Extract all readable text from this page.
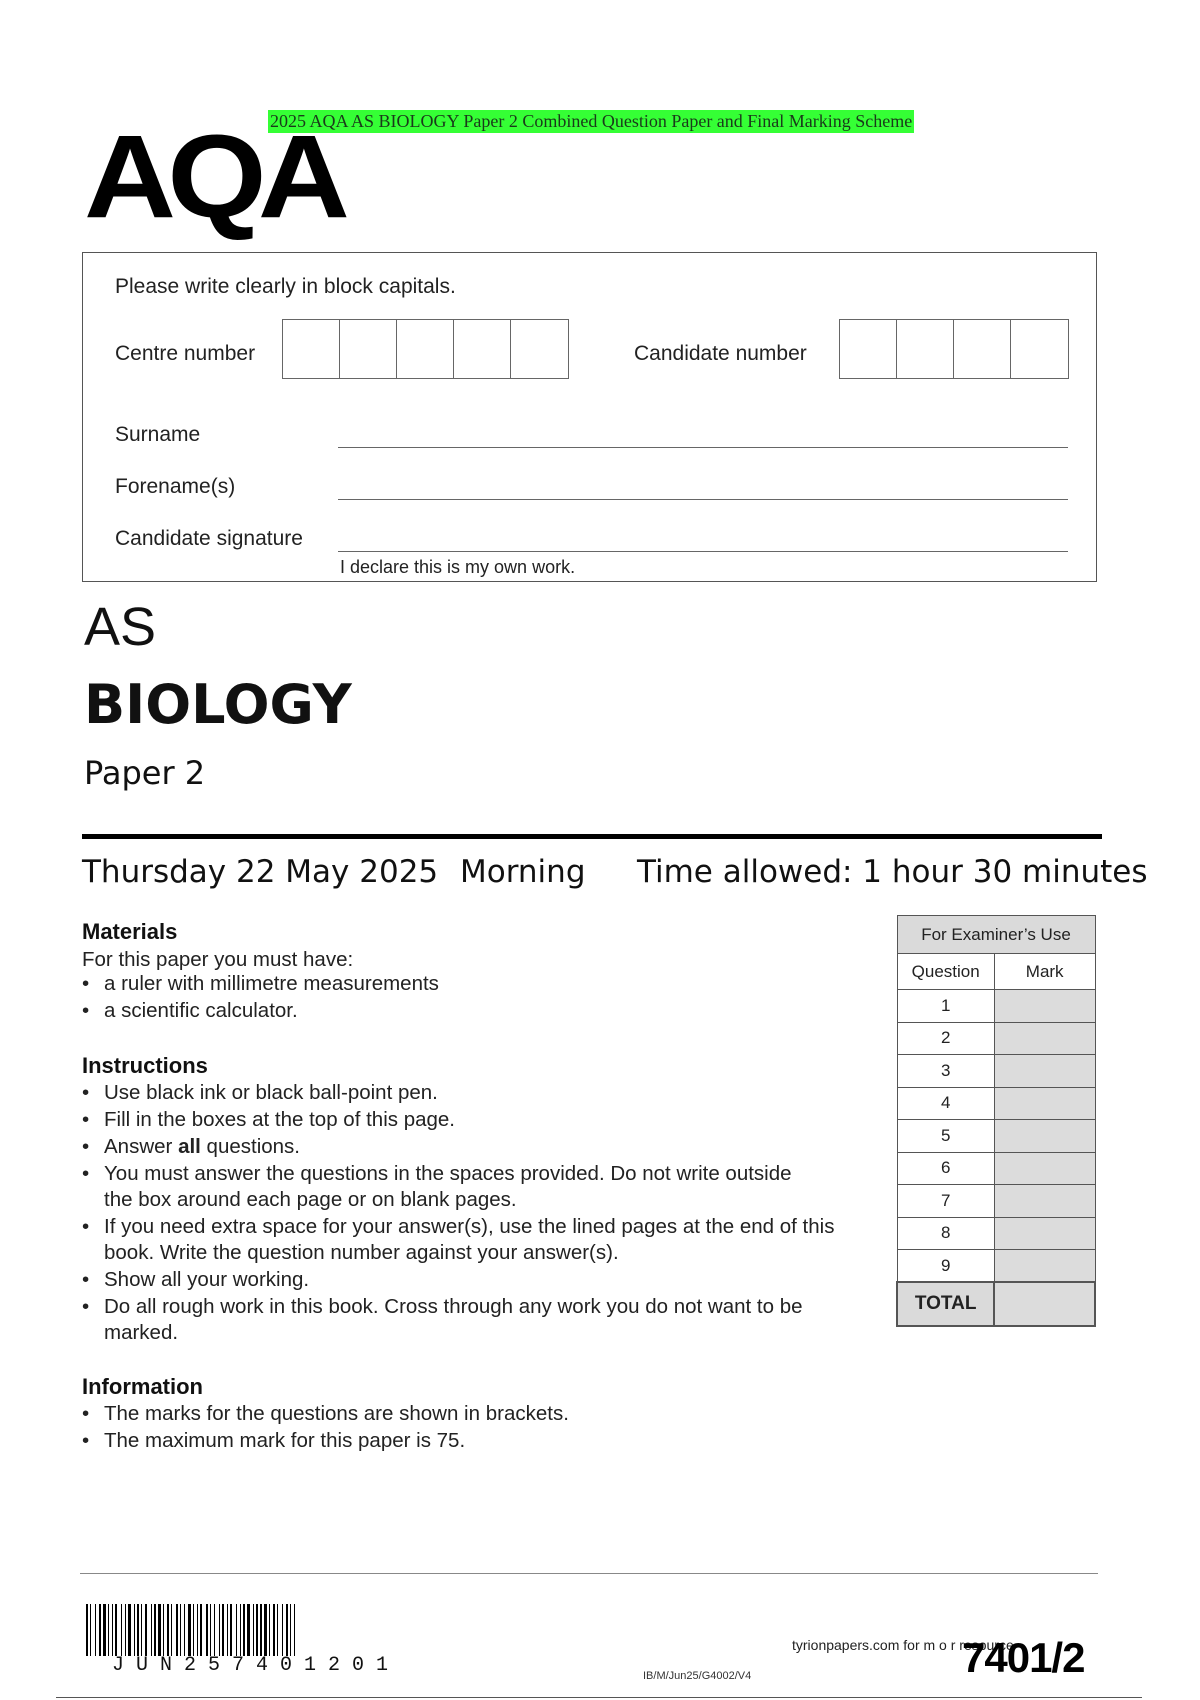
2025 AQA AS BIOLOGY Paper 2 Combined Question Paper and Final Marking Scheme
AQA
Please write clearly in block capitals.
Centre number	Candidate number
Surname
Forename(s)
Candidate signature
I declare this is my own work.
AS
BIOLOGY
Paper 2
Thursday 22 May 2025 Morning Time allowed: 1 hour 30 minutes
Materials
For this paper you must have:
• a ruler with millimetre measurements
• a scientific calculator.
Instructions
• Use black ink or black ball-point pen.
• Fill in the boxes at the top of this page.
• Answer all questions.
• You must answer the questions in the spaces provided. Do not write outside the box around each page or on blank pages.
• If you need extra space for your answer(s), use the lined pages at the end of this book. Write the question number against your answer(s).
• Show all your working.
• Do all rough work in this book. Cross through any work you do not want to be marked.
Information
• The marks for the questions are shown in brackets.
• The maximum mark for this paper is 75.
For Examiner’s Use	
Question	Mark
1	
2	
3	
4	
5	
6	
7	
8	
9	
TOTAL	
JUN257401201
tyrionpapers.com for m o r resource
IB/M/Jun25/G4002/V4	7401/2
